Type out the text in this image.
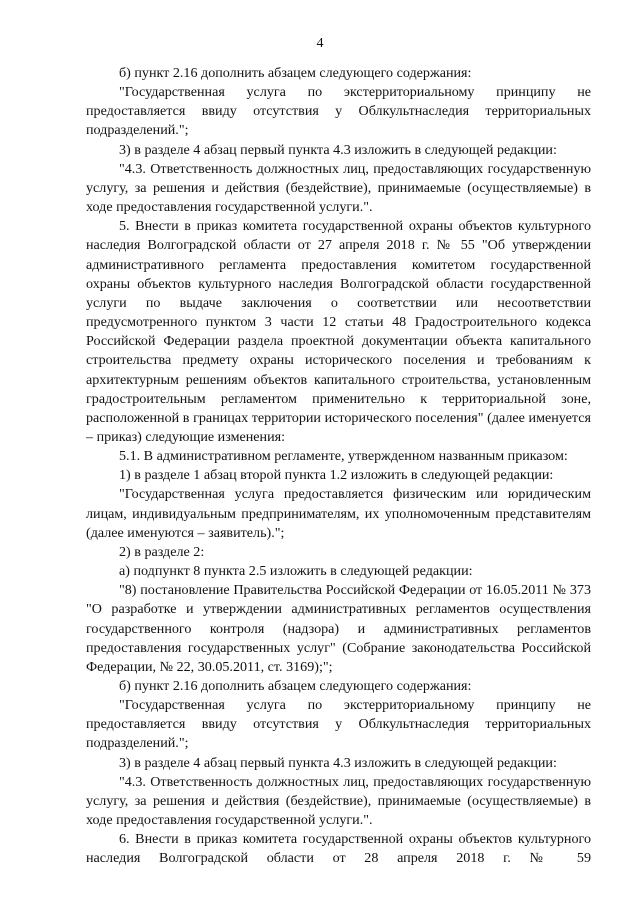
4

б) пункт 2.16 дополнить абзацем следующего содержания:

"Государственная услуга по экстерриториальному принципу не предоставляется ввиду отсутствия у Облкультнаследия территориальных подразделений.";

3) в разделе 4 абзац первый пункта 4.3 изложить в следующей редакции:

"4.3. Ответственность должностных лиц, предоставляющих государственную услугу, за решения и действия (бездействие), принимаемые (осуществляемые) в ходе предоставления государственной услуги.".

5. Внести в приказ комитета государственной охраны объектов культурного наследия Волгоградской области от 27 апреля 2018 г. № 55 "Об утверждении административного регламента предоставления комитетом государственной охраны объектов культурного наследия Волгоградской области государственной услуги по выдаче заключения о соответствии или несоответствии предусмотренного пунктом 3 части 12 статьи 48 Градостроительного кодекса Российской Федерации раздела проектной документации объекта капитального строительства предмету охраны исторического поселения и требованиям к архитектурным решениям объектов капитального строительства, установленным градостроительным регламентом применительно к территориальной зоне, расположенной в границах территории исторического поселения" (далее именуется – приказ) следующие изменения:

5.1. В административном регламенте, утвержденном названным приказом:

1) в разделе 1 абзац второй пункта 1.2 изложить в следующей редакции:

"Государственная услуга предоставляется физическим или юридическим лицам, индивидуальным предпринимателям, их уполномоченным представителям (далее именуются – заявитель).";

2) в разделе 2:

а) подпункт 8 пункта 2.5 изложить в следующей редакции:

"8) постановление Правительства Российской Федерации от 16.05.2011 № 373 "О разработке и утверждении административных регламентов осуществления государственного контроля (надзора) и административных регламентов предоставления государственных услуг" (Собрание законодательства Российской Федерации, № 22, 30.05.2011, ст. 3169);";

б) пункт 2.16 дополнить абзацем следующего содержания:

"Государственная услуга по экстерриториальному принципу не предоставляется ввиду отсутствия у Облкультнаследия территориальных подразделений.";

3) в разделе 4 абзац первый пункта 4.3 изложить в следующей редакции:

"4.3. Ответственность должностных лиц, предоставляющих государственную услугу, за решения и действия (бездействие), принимаемые (осуществляемые) в ходе предоставления государственной услуги.".

6. Внести в приказ комитета государственной охраны объектов культурного наследия Волгоградской области от 28 апреля 2018 г. № 59
